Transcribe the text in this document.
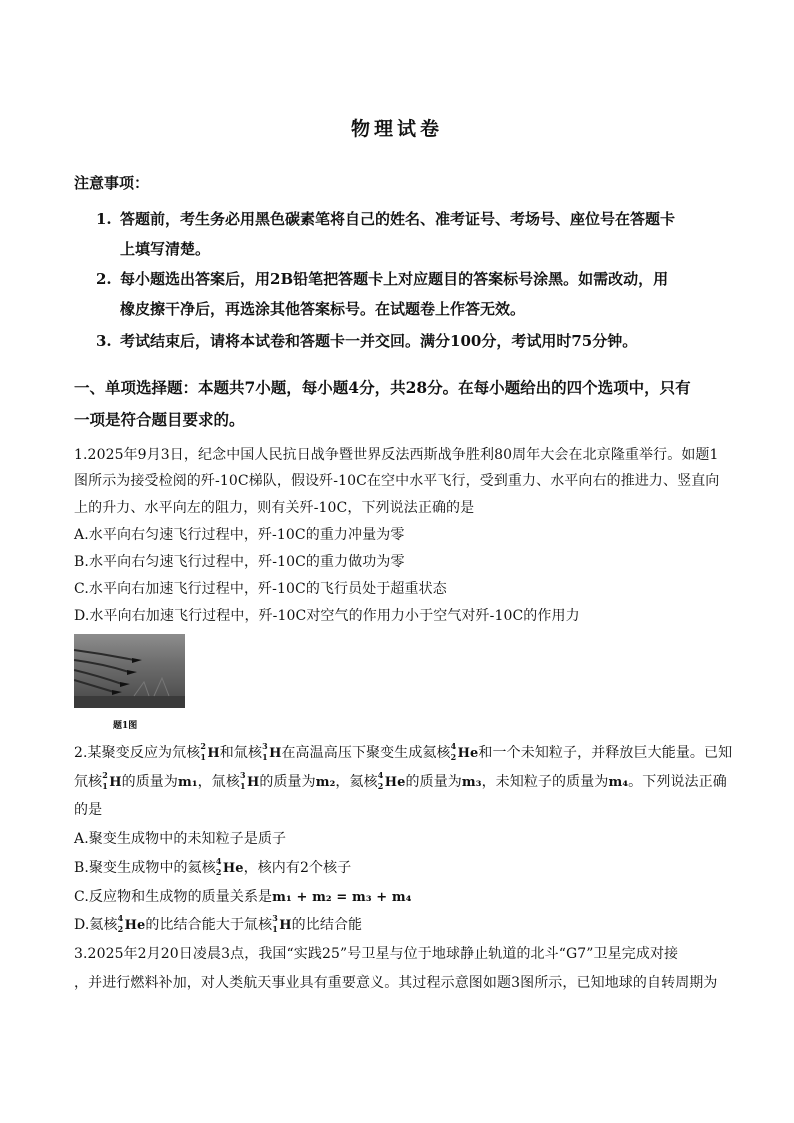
物理试卷
注意事项：
1. 答题前，考生务必用黑色碳素笔将自己的姓名、准考证号、考场号、座位号在答题卡
上填写清楚。
2. 每小题选出答案后，用2B铅笔把答题卡上对应题目的答案标号涂黑。如需改动，用
橡皮擦干净后，再选涂其他答案标号。在试题卷上作答无效。
3. 考试结束后，请将本试卷和答题卡一并交回。满分100分，考试用时75分钟。
一、单项选择题：本题共7小题，每小题4分，共28分。在每小题给出的四个选项中，只有
一项是符合题目要求的。
1.2025年9月3日，纪念中国人民抗日战争暨世界反法西斯战争胜利80周年大会在北京隆重举行。如题1
图所示为接受检阅的歼-10C梯队，假设歼-10C在空中水平飞行，受到重力、水平向右的推进力、竖直向
上的升力、水平向左的阻力，则有关歼-10C，下列说法正确的是
A.水平向右匀速飞行过程中，歼-10C的重力冲量为零
B.水平向右匀速飞行过程中，歼-10C的重力做功为零
C.水平向右加速飞行过程中，歼-10C的飞行员处于超重状态
D.水平向右加速飞行过程中，歼-10C对空气的作用力小于空气对歼-10C的作用力
题1图
2.某聚变反应为氘核 2
1 H和氚核 3
1 H在高温高压下聚变生成氦核 4
2 He和一个未知粒子，并释放巨大能量。已知
氘核 2
1 H的质量为m₁，氚核 3
1 H的质量为m₂，氦核 4
2 He的质量为m₃，未知粒子的质量为m₄。下列说法正确
的是
A.聚变生成物中的未知粒子是质子
B.聚变生成物中的氦核 4
2 He，核内有2个核子
C.反应物和生成物的质量关系是m₁ + m₂ = m₃ + m₄
D.氦核 4
2 He的比结合能大于氚核 3
1 H的比结合能
3.2025年2月20日凌晨3点，我国“实践25”号卫星与位于地球静止轨道的北斗“G7”卫星完成对接
，并进行燃料补加，对人类航天事业具有重要意义。其过程示意图如题3图所示，已知地球的自转周期为
